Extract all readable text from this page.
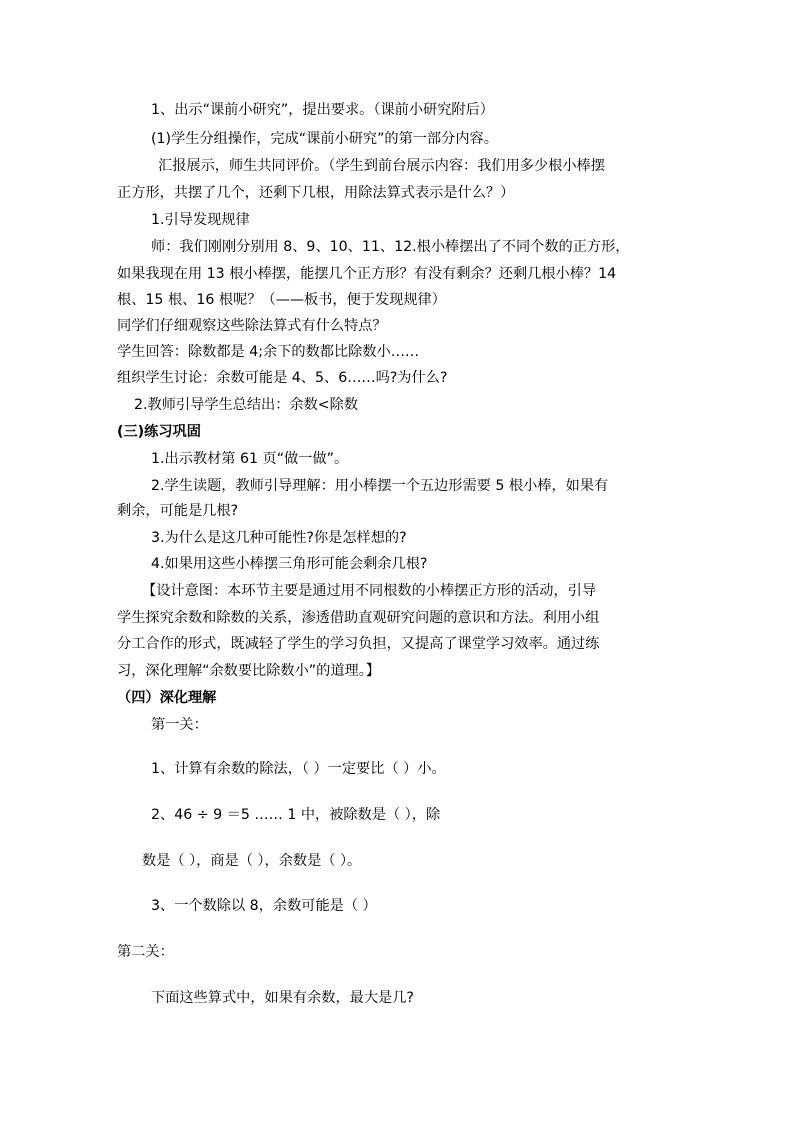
1、出示“课前小研究”，提出要求。（课前小研究附后）
(1)学生分组操作，完成“课前小研究”的第一部分内容。
汇报展示，师生共同评价。（学生到前台展示内容：我们用多少根小棒摆
正方形，共摆了几个，还剩下几根，用除法算式表示是什么？）
1.引导发现规律
师：我们刚刚分别用 8、9、10、11、12.根小棒摆出了不同个数的正方形，
如果我现在用 13 根小棒摆，能摆几个正方形？有没有剩余？还剩几根小棒？14
根、15 根、16 根呢？（——板书，便于发现规律）
同学们仔细观察这些除法算式有什么特点？
学生回答：除数都是 4;余下的数都比除数小……
组织学生讨论：余数可能是 4、5、6……吗?为什么?
2.教师引导学生总结出：余数<除数
(三)练习巩固
1.出示教材第 61 页“做一做”。
2.学生读题，教师引导理解：用小棒摆一个五边形需要 5 根小棒，如果有
剩余，可能是几根?
3.为什么是这几种可能性?你是怎样想的?
4.如果用这些小棒摆三角形可能会剩余几根?
【设计意图：本环节主要是通过用不同根数的小棒摆正方形的活动，引导
学生探究余数和除数的关系，渗透借助直观研究问题的意识和方法。利用小组
分工合作的形式，既减轻了学生的学习负担，又提高了课堂学习效率。通过练
习，深化理解“余数要比除数小”的道理。】
（四）深化理解
第一关：
1、计算有余数的除法，（ ）一定要比（ ）小。
2、46 ÷ 9 ＝5 …… 1 中，被除数是（ ），除
数是（ ），商是（ ），余数是（ ）。
3、一个数除以 8，余数可能是（ ）
第二关：
下面这些算式中，如果有余数，最大是几?
